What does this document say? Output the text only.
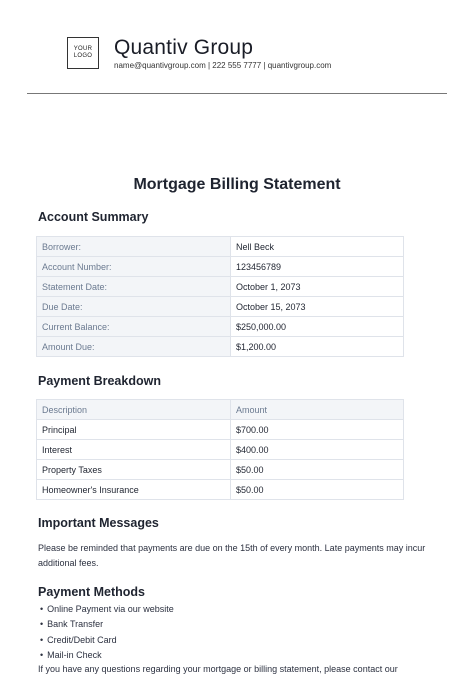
YOUR
LOGO Quantiv Group
name@quantivgroup.com | 222 555 7777 | quantivgroup.com
Mortgage Billing Statement
Account Summary
Borrower:	Nell Beck
Account Number:	123456789
Statement Date:	October 1, 2073
Due Date:	October 15, 2073
Current Balance:	$250,000.00
Amount Due:	$1,200.00
Payment Breakdown
Description	Amount
Principal	$700.00
Interest	$400.00
Property Taxes	$50.00
Homeowner's Insurance	$50.00
Important Messages
Please be reminded that payments are due on the 15th of every month. Late payments may incur additional fees.
Payment Methods
• Online Payment via our website
• Bank Transfer
• Credit/Debit Card
• Mail-in Check
If you have any questions regarding your mortgage or billing statement, please contact our
